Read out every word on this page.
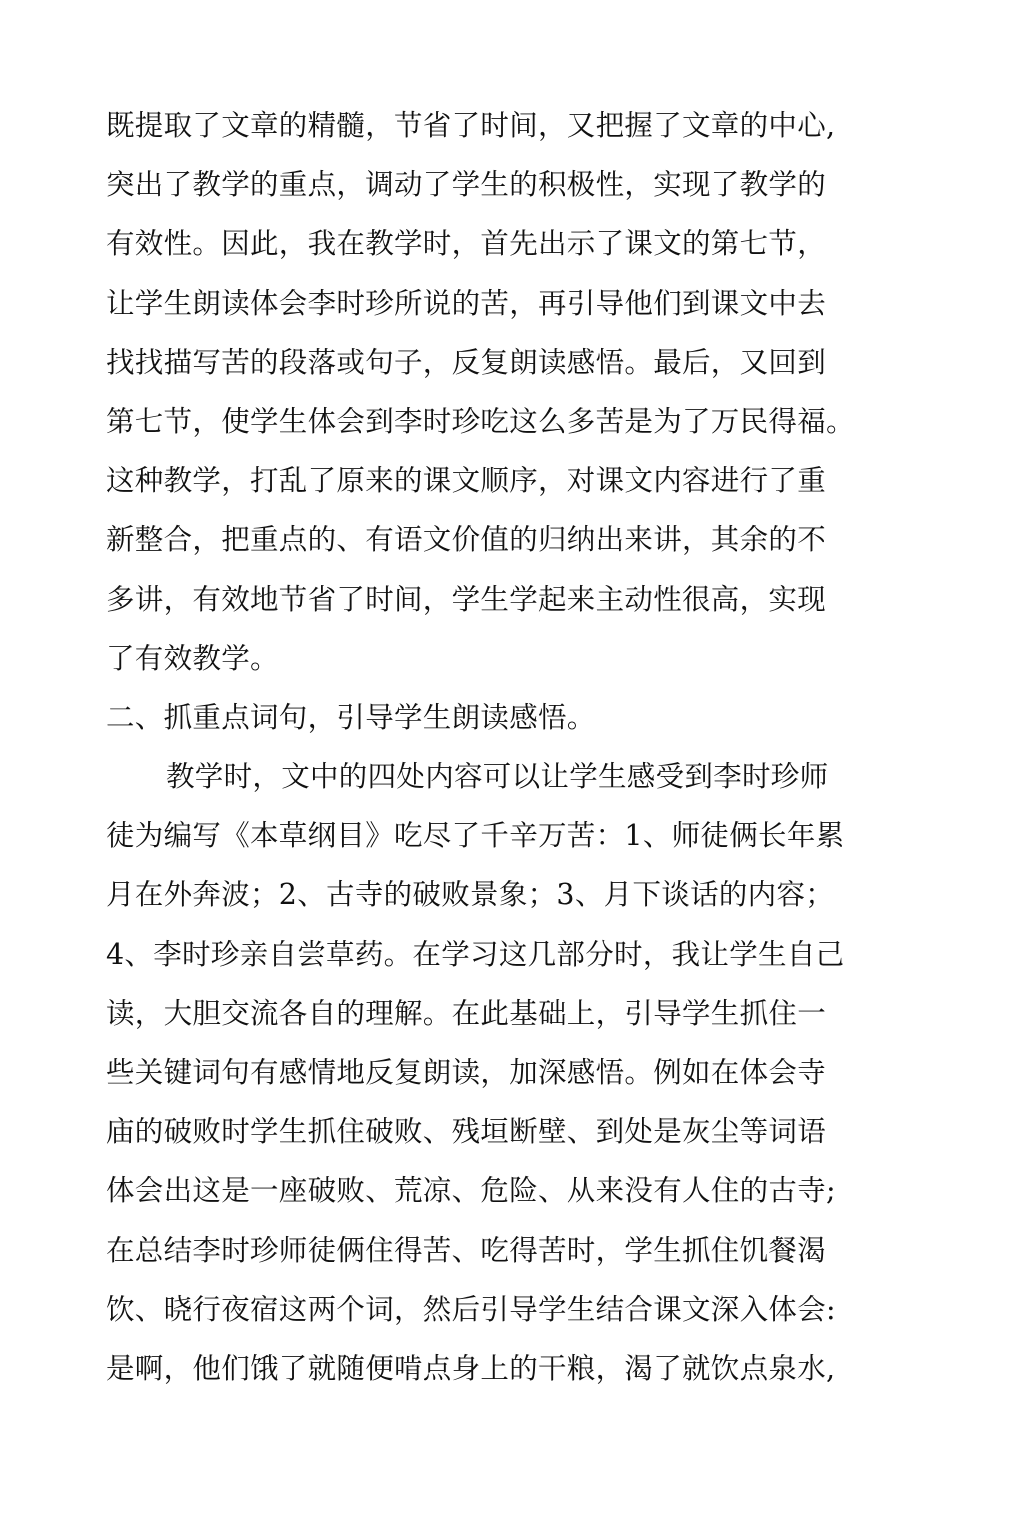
既提取了文章的精髓，节省了时间，又把握了文章的中心,
突出了教学的重点，调动了学生的积极性，实现了教学的
有效性。因此，我在教学时，首先出示了课文的第七节，
让学生朗读体会李时珍所说的苦，再引导他们到课文中去
找找描写苦的段落或句子，反复朗读感悟。最后，又回到
第七节，使学生体会到李时珍吃这么多苦是为了万民得福。
这种教学，打乱了原来的课文顺序，对课文内容进行了重
新整合，把重点的、有语文价值的归纳出来讲，其余的不
多讲，有效地节省了时间，学生学起来主动性很高，实现
了有效教学。
二、抓重点词句，引导学生朗读感悟。
教学时，文中的四处内容可以让学生感受到李时珍师
徒为编写《本草纲目》吃尽了千辛万苦：1、师徒俩长年累
月在外奔波；2、古寺的破败景象；3、月下谈话的内容；
4、李时珍亲自尝草药。在学习这几部分时，我让学生自己
读，大胆交流各自的理解。在此基础上，引导学生抓住一
些关键词句有感情地反复朗读，加深感悟。例如在体会寺
庙的破败时学生抓住破败、残垣断壁、到处是灰尘等词语
体会出这是一座破败、荒凉、危险、从来没有人住的古寺;
在总结李时珍师徒俩住得苦、吃得苦时，学生抓住饥餐渴
饮、晓行夜宿这两个词，然后引导学生结合课文深入体会:
是啊，他们饿了就随便啃点身上的干粮，渴了就饮点泉水,
